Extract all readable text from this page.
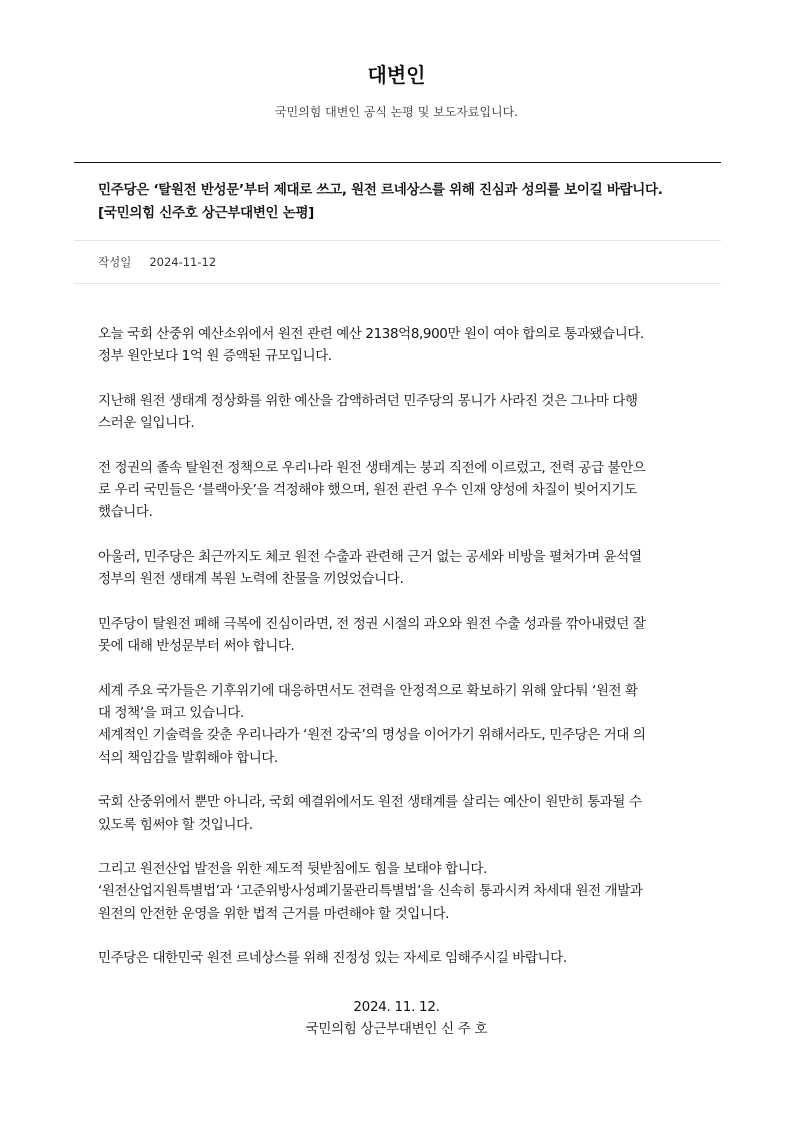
대변인
국민의힘 대변인 공식 논평 및 보도자료입니다.
민주당은 ‘탈원전 반성문’부터 제대로 쓰고, 원전 르네상스를 위해 진심과 성의를 보이길 바랍니다.
[국민의힘 신주호 상근부대변인 논평]
작성일 2024-11-12

오늘 국회 산중위 예산소위에서 원전 관련 예산 2138억8,900만 원이 여야 합의로 통과됐습니다.
정부 원안보다 1억 원 증액된 규모입니다.

지난해 원전 생태계 정상화를 위한 예산을 감액하려던 민주당의 몽니가 사라진 것은 그나마 다행
스러운 일입니다.

전 정권의 졸속 탈원전 정책으로 우리나라 원전 생태계는 붕괴 직전에 이르렀고, 전력 공급 불안으
로 우리 국민들은 ‘블랙아웃’을 걱정해야 했으며, 원전 관련 우수 인재 양성에 차질이 빚어지기도
했습니다.

아울러, 민주당은 최근까지도 체코 원전 수출과 관련해 근거 없는 공세와 비방을 펼쳐가며 윤석열
정부의 원전 생태계 복원 노력에 찬물을 끼얹었습니다.

민주당이 탈원전 폐해 극복에 진심이라면, 전 정권 시절의 과오와 원전 수출 성과를 깎아내렸던 잘
못에 대해 반성문부터 써야 합니다.

세계 주요 국가들은 기후위기에 대응하면서도 전력을 안정적으로 확보하기 위해 앞다퉈 ‘원전 확
대 정책’을 펴고 있습니다.
세계적인 기술력을 갖춘 우리나라가 ‘원전 강국’의 명성을 이어가기 위해서라도, 민주당은 거대 의
석의 책임감을 발휘해야 합니다.

국회 산중위에서 뿐만 아니라, 국회 예결위에서도 원전 생태계를 살리는 예산이 원만히 통과될 수
있도록 힘써야 할 것입니다.

그리고 원전산업 발전을 위한 제도적 뒷받침에도 힘을 보태야 합니다.
‘원전산업지원특별법’과 ‘고준위방사성폐기물관리특별법’을 신속히 통과시켜 차세대 원전 개발과
원전의 안전한 운영을 위한 법적 근거를 마련해야 할 것입니다.

민주당은 대한민국 원전 르네상스를 위해 진정성 있는 자세로 임해주시길 바랍니다.

2024. 11. 12.
국민의힘 상근부대변인 신 주 호
